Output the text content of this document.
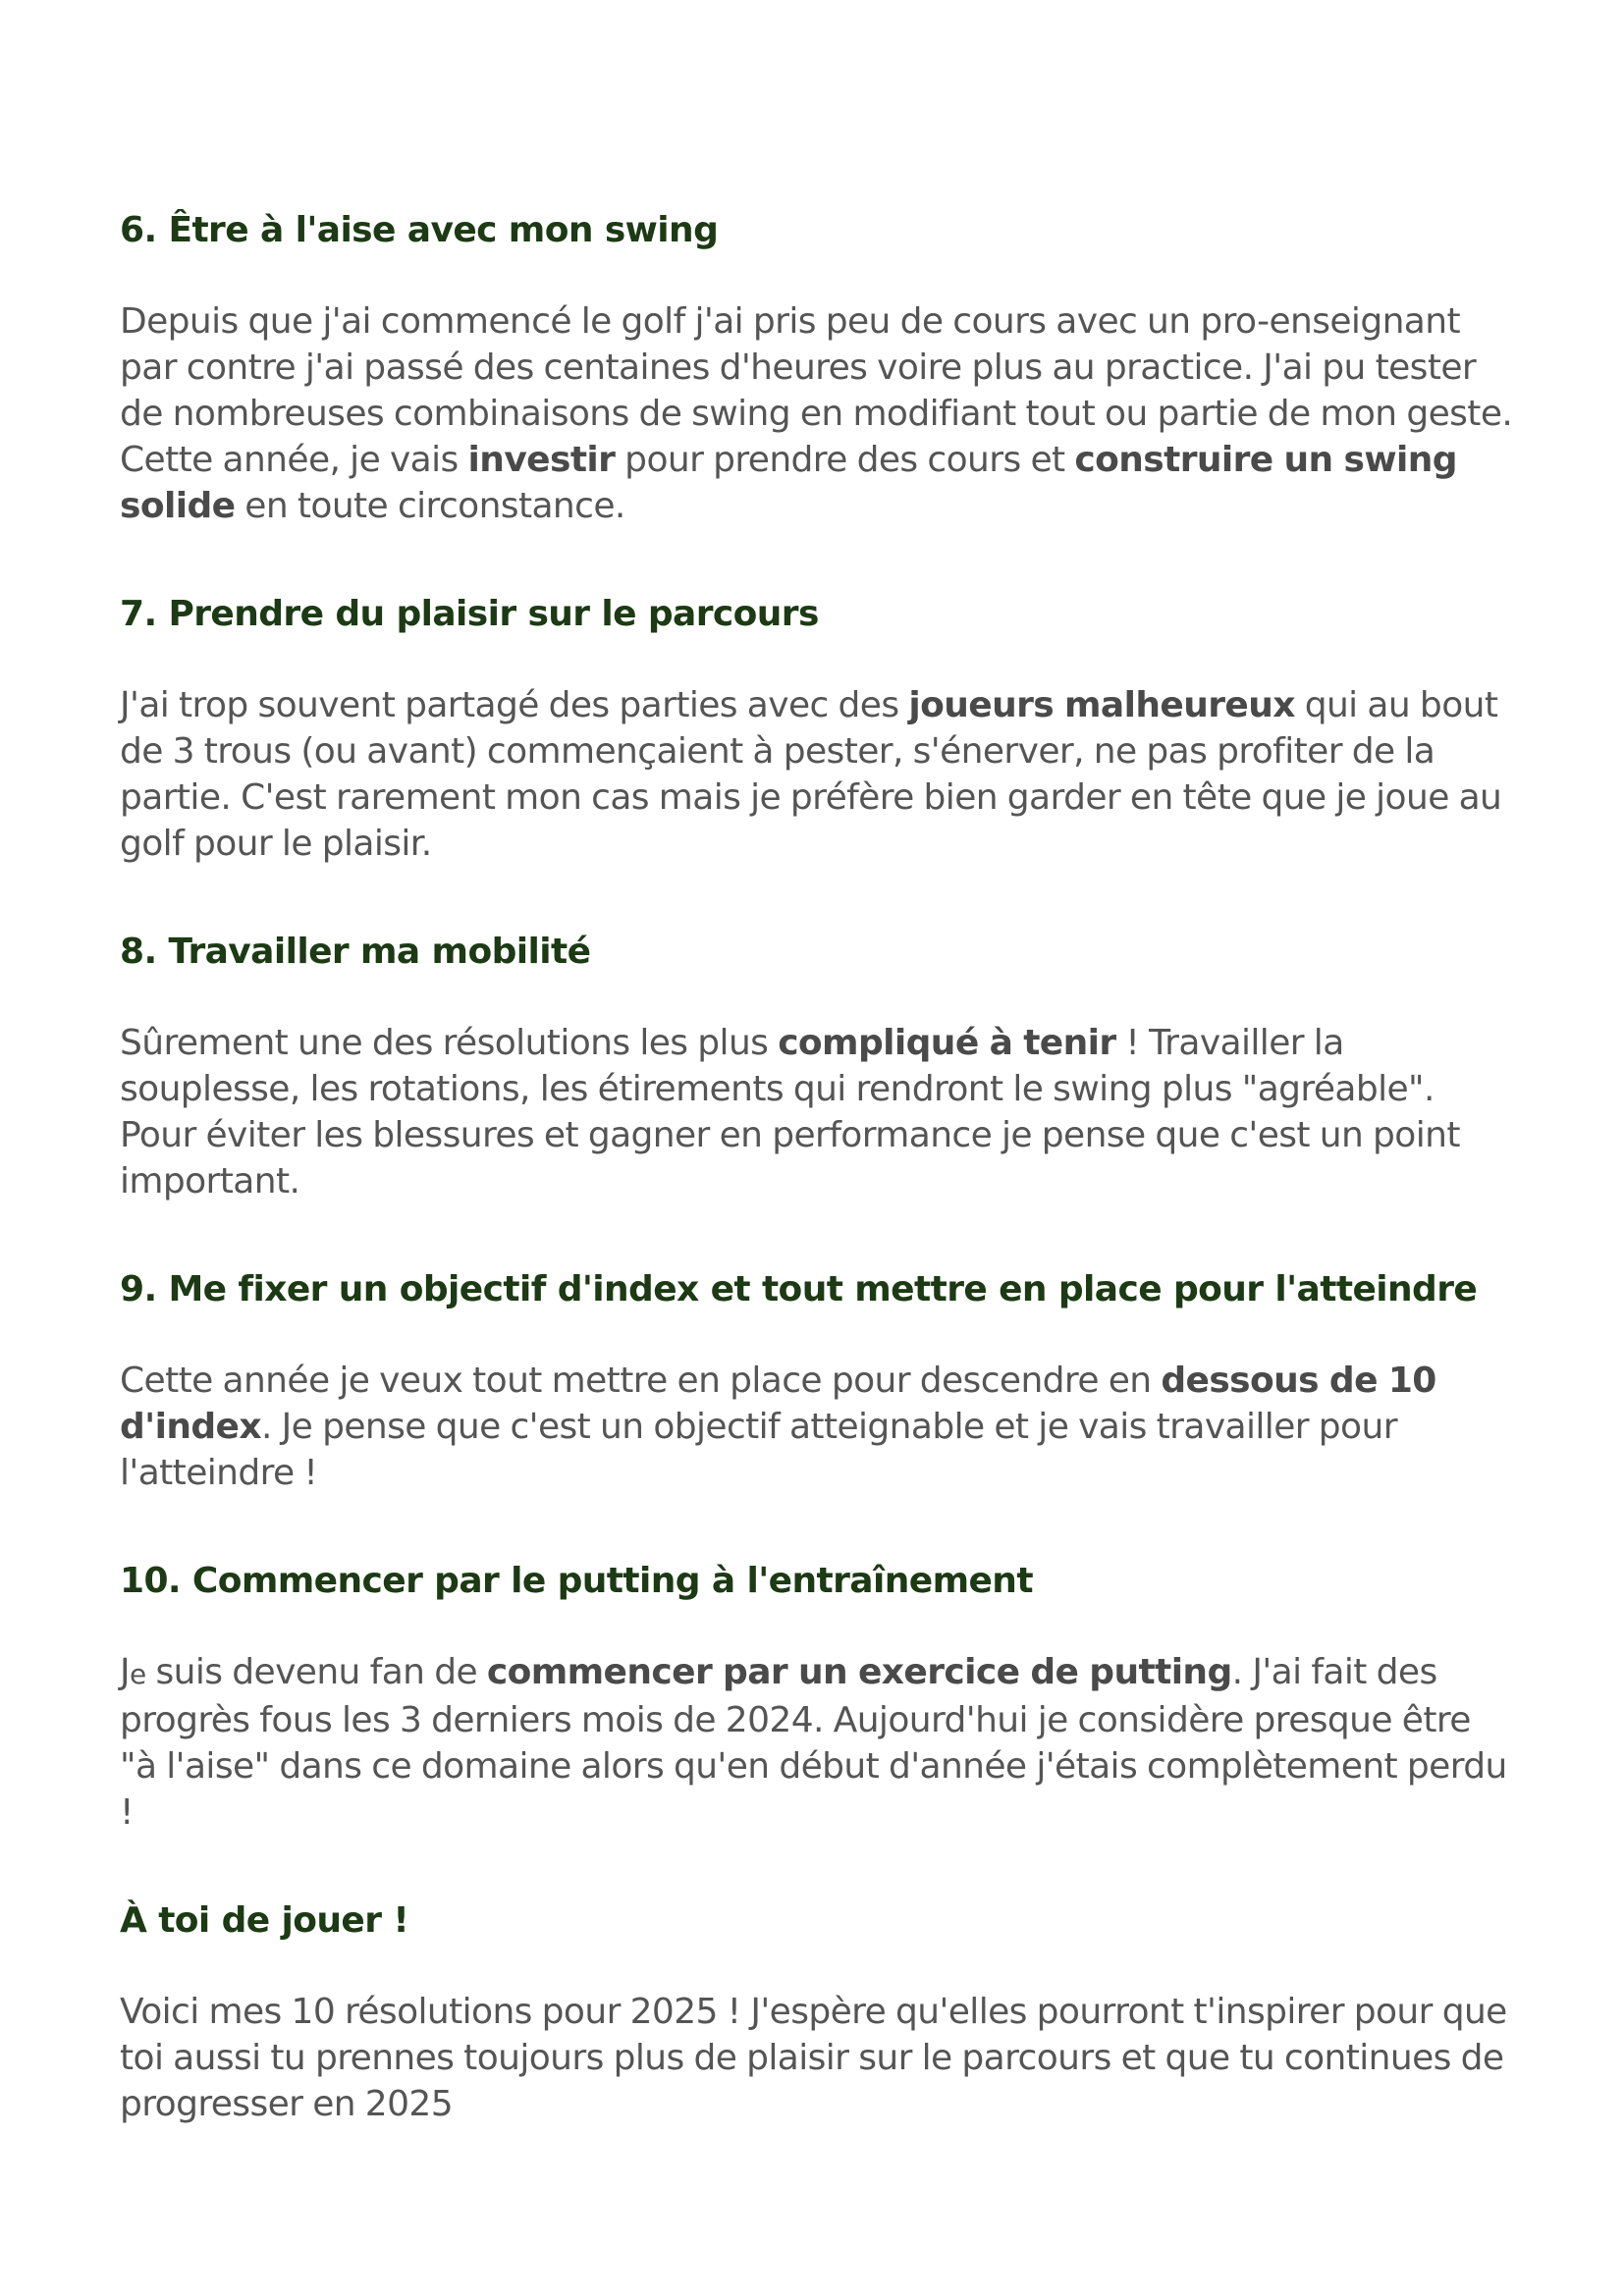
6. Être à l'aise avec mon swing

Depuis que j'ai commencé le golf j'ai pris peu de cours avec un pro-enseignant par contre j'ai passé des centaines d'heures voire plus au practice. J'ai pu tester de nombreuses combinaisons de swing en modifiant tout ou partie de mon geste. Cette année, je vais investir pour prendre des cours et construire un swing solide en toute circonstance.

7. Prendre du plaisir sur le parcours

J'ai trop souvent partagé des parties avec des joueurs malheureux qui au bout de 3 trous (ou avant) commençaient à pester, s'énerver, ne pas profiter de la partie. C'est rarement mon cas mais je préfère bien garder en tête que je joue au golf pour le plaisir.

8. Travailler ma mobilité

Sûrement une des résolutions les plus compliqué à tenir ! Travailler la souplesse, les rotations, les étirements qui rendront le swing plus "agréable". Pour éviter les blessures et gagner en performance je pense que c'est un point important.

9. Me fixer un objectif d'index et tout mettre en place pour l'atteindre

Cette année je veux tout mettre en place pour descendre en dessous de 10 d'index. Je pense que c'est un objectif atteignable et je vais travailler pour l'atteindre !

10. Commencer par le putting à l'entraînement

Je suis devenu fan de commencer par un exercice de putting. J'ai fait des progrès fous les 3 derniers mois de 2024. Aujourd'hui je considère presque être "à l'aise" dans ce domaine alors qu'en début d'année j'étais complètement perdu !

À toi de jouer !

Voici mes 10 résolutions pour 2025 ! J'espère qu'elles pourront t'inspirer pour que toi aussi tu prennes toujours plus de plaisir sur le parcours et que tu continues de progresser en 2025
